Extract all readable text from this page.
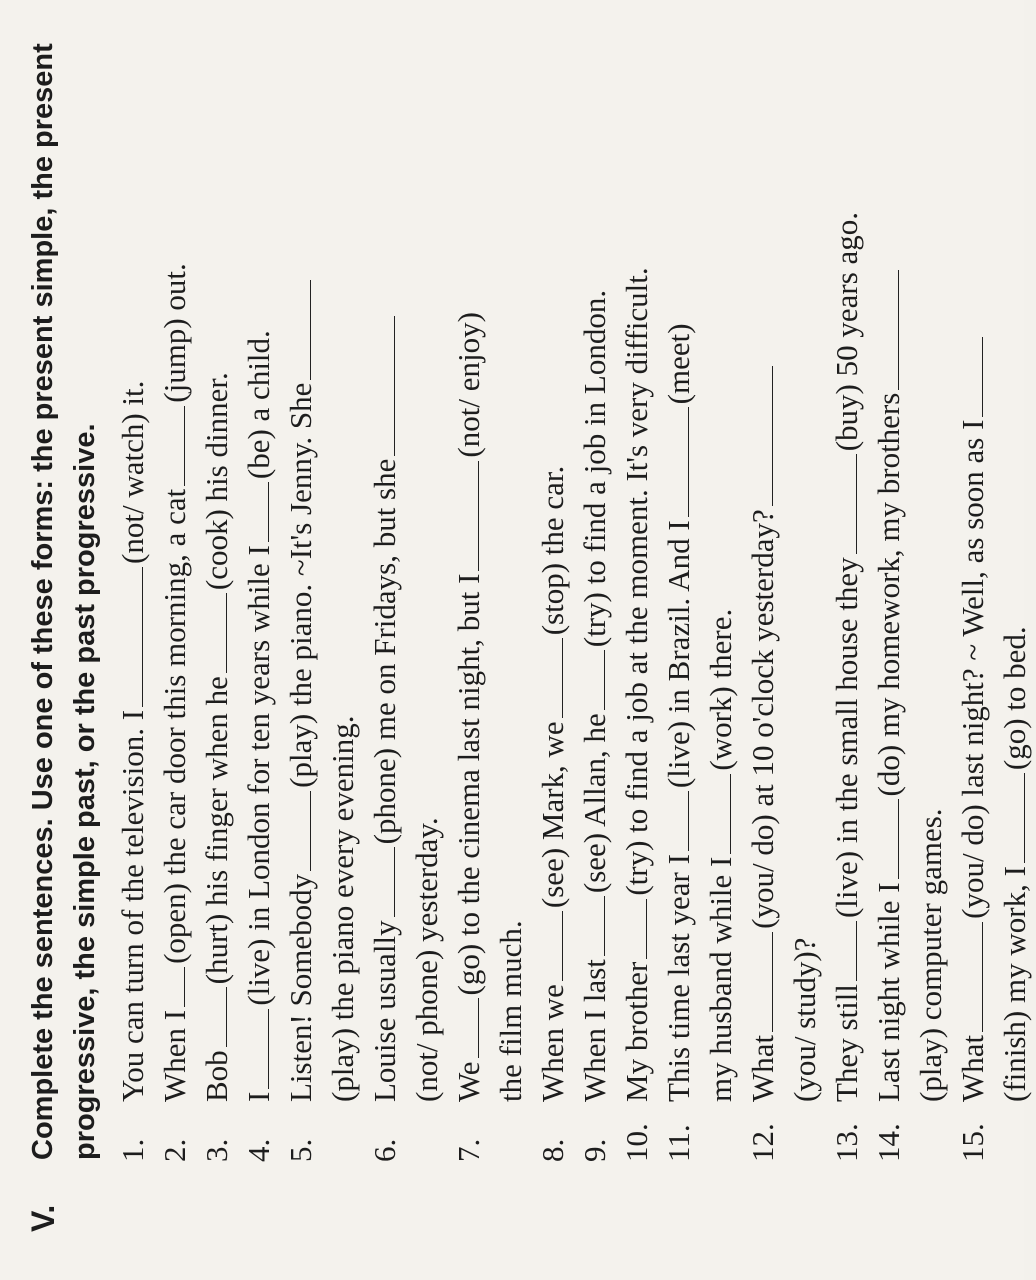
V.
Complete the sentences. Use one of these forms: the present simple, the present progressive, the simple past, or the past progressive. 1.
You can turn of the television. I(not/ watch) it.
2.
When I(open) the car door this morning, a cat(jump) out.
3.
Bob(hurt) his finger when he(cook) his dinner.
4.
I(live) in London for ten years while I(be) a child.
5.
Listen! Somebody(play) the piano. ~It's Jenny. She
(play) the piano every evening.
6.
Louise usually(phone) me on Fridays, but she
(not/ phone) yesterday.
7.
We(go) to the cinema last night, but I(not/ enjoy)
the film much.
8.
When we(see) Mark, we(stop) the car.
9.
When I last(see) Allan, he(try) to find a job in London.
10.
My brother(try) to find a job at the moment. It's very difficult.
11.
This time last year I(live) in Brazil. And I(meet)
my husband while I(work) there.
12.
What(you/ do) at 10 o'clock yesterday?
(you/ study)?
13.
They still(live) in the small house they(buy) 50 years ago.
14.
Last night while I(do) my homework, my brothers
(play) computer games.
15.
What(you/ do) last night? ~ Well, as soon as I
(finish) my work, I(go) to bed.
